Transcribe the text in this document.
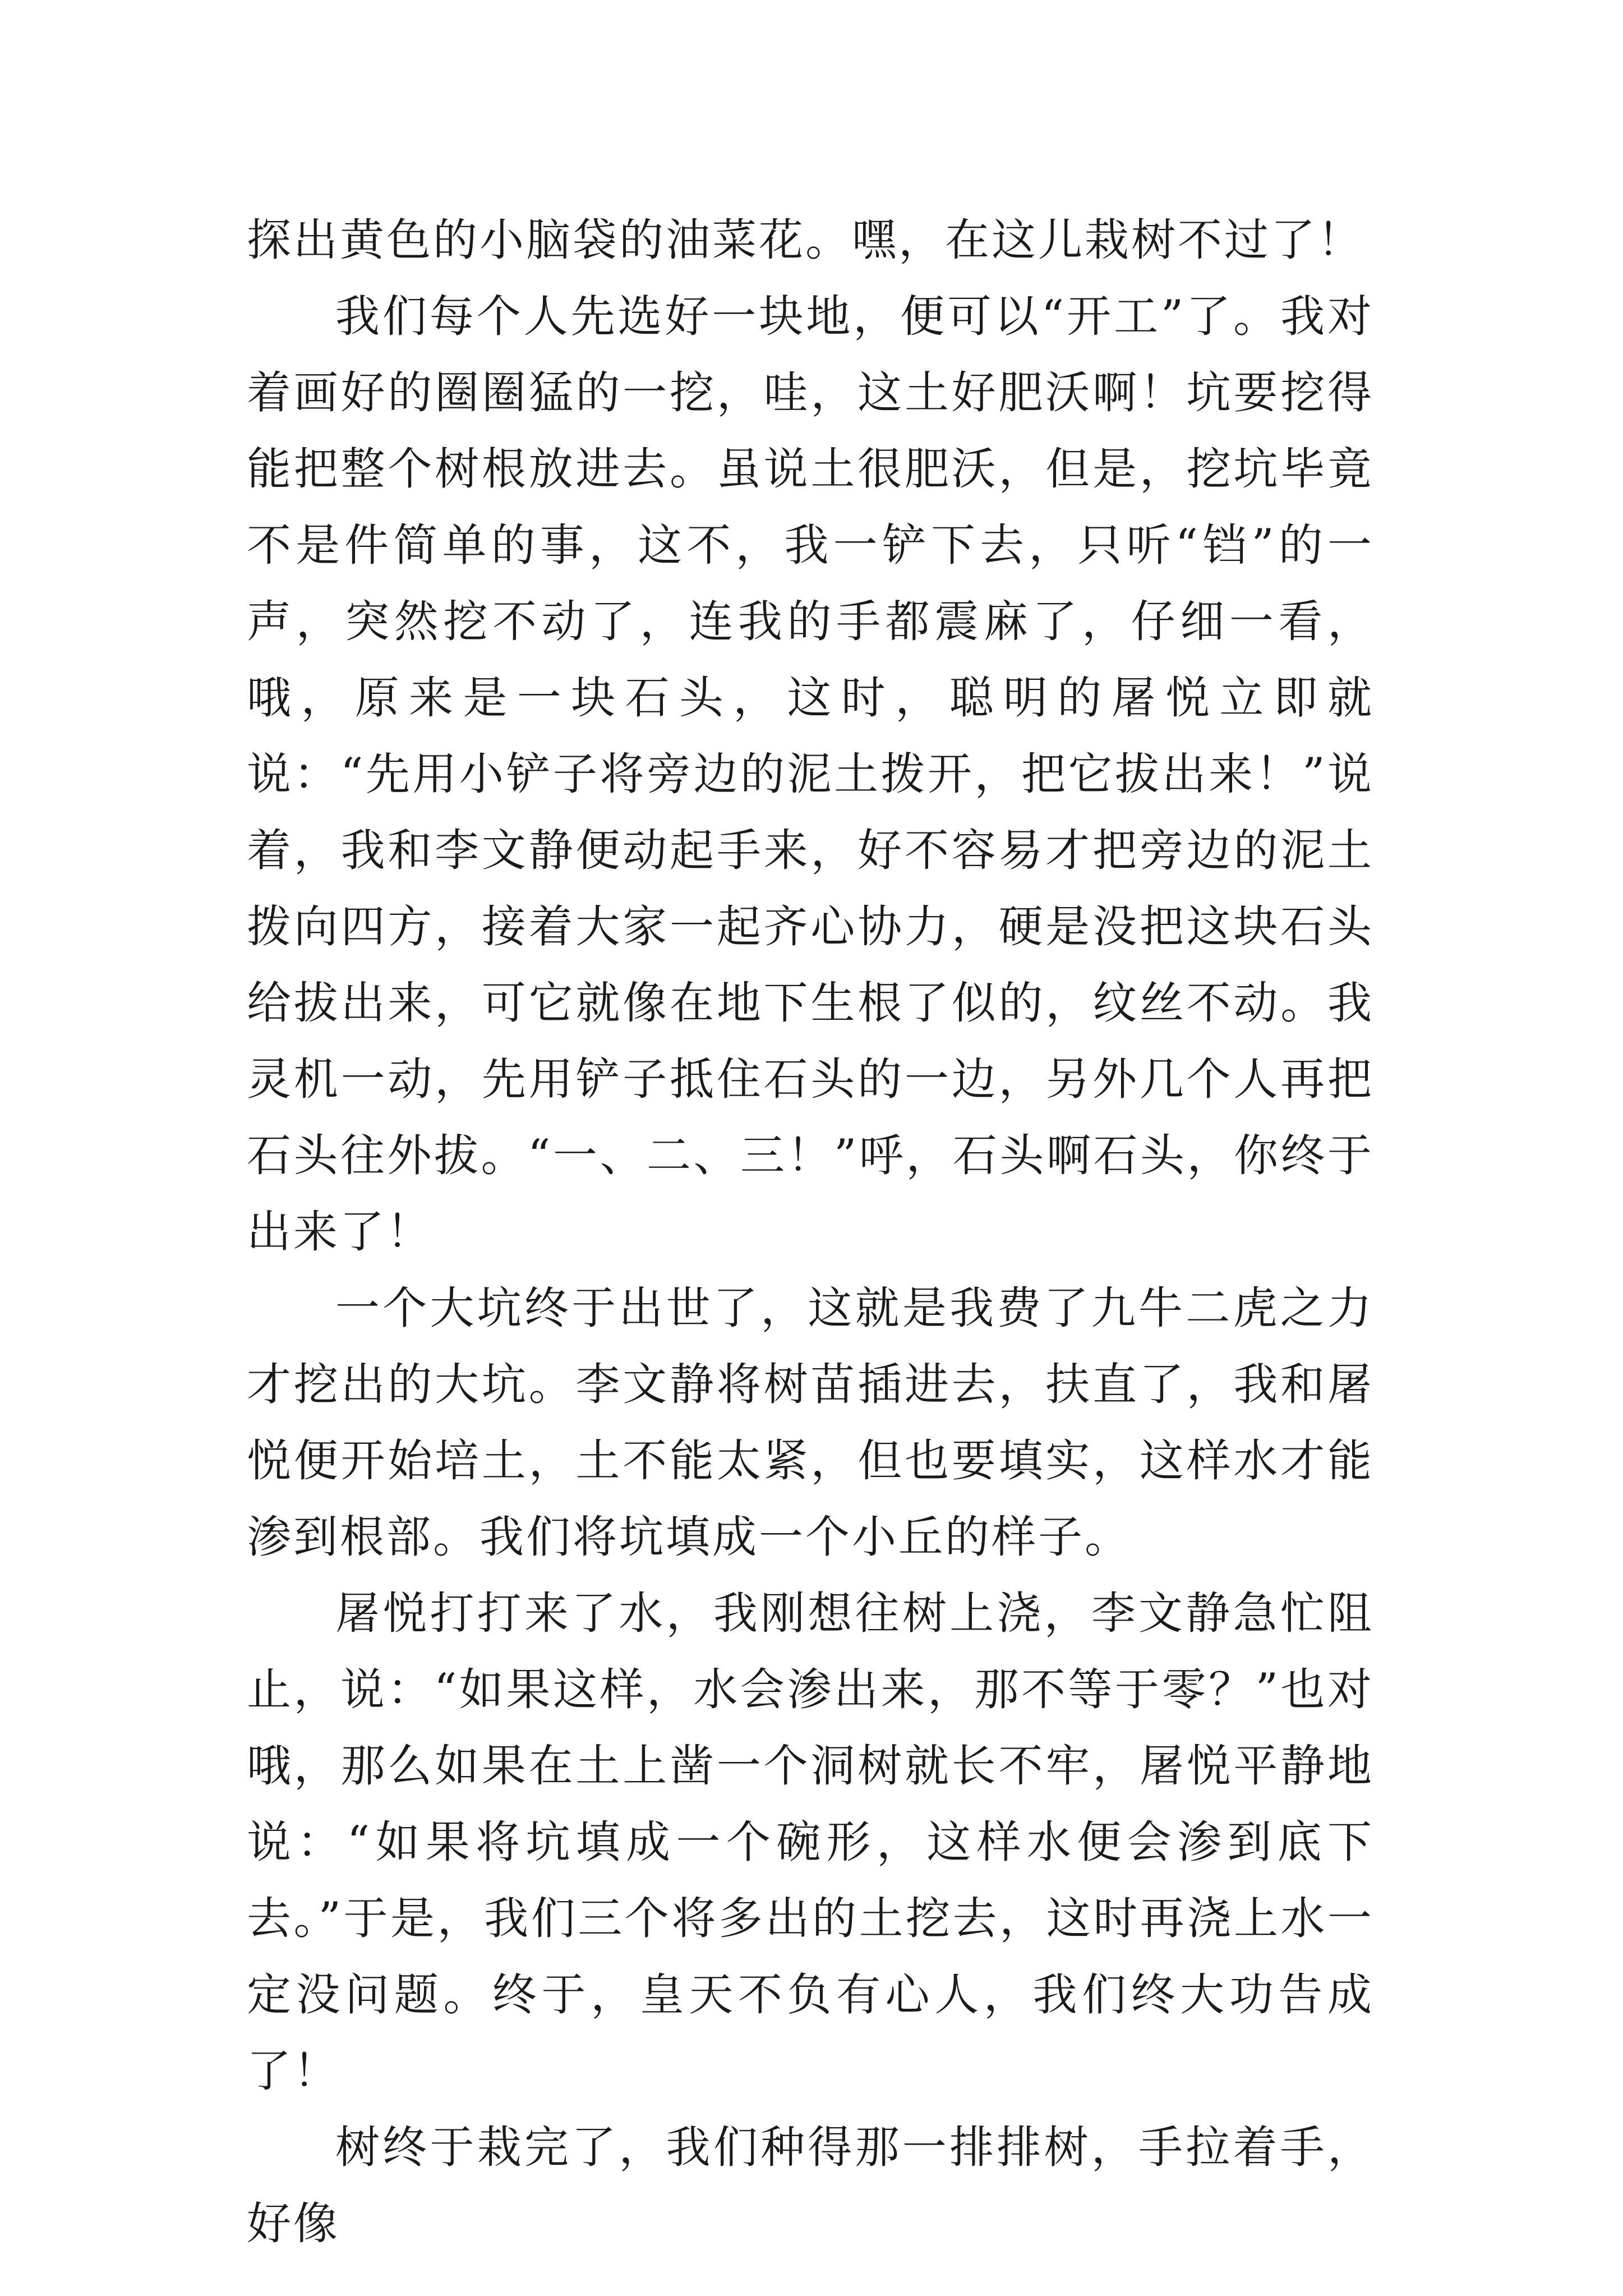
探出黄色的小脑袋的油菜花。嘿，在这儿栽树不过了！

我们每个人先选好一块地，便可以“开工”了。我对着画好的圈圈猛的一挖，哇，这土好肥沃啊！坑要挖得能把整个树根放进去。虽说土很肥沃，但是，挖坑毕竟不是件简单的事，这不，我一铲下去，只听“铛”的一声，突然挖不动了，连我的手都震麻了，仔细一看，哦，原来是一块石头，这时，聪明的屠悦立即就说：“先用小铲子将旁边的泥土拨开，把它拔出来！”说着，我和李文静便动起手来，好不容易才把旁边的泥土拨向四方，接着大家一起齐心协力，硬是没把这块石头给拔出来，可它就像在地下生根了似的，纹丝不动。我灵机一动，先用铲子抵住石头的一边，另外几个人再把石头往外拔。“一、二、三！”呼，石头啊石头，你终于出来了！

一个大坑终于出世了，这就是我费了九牛二虎之力才挖出的大坑。李文静将树苗插进去，扶直了，我和屠悦便开始培土，土不能太紧，但也要填实，这样水才能渗到根部。我们将坑填成一个小丘的样子。

屠悦打打来了水，我刚想往树上浇，李文静急忙阻止，说：“如果这样，水会渗出来，那不等于零？”也对哦，那么如果在土上凿一个洞树就长不牢，屠悦平静地说：“如果将坑填成一个碗形，这样水便会渗到底下去。”于是，我们三个将多出的土挖去，这时再浇上水一定没问题。终于，皇天不负有心人，我们终大功告成了！

树终于栽完了，我们种得那一排排树，手拉着手，好像
